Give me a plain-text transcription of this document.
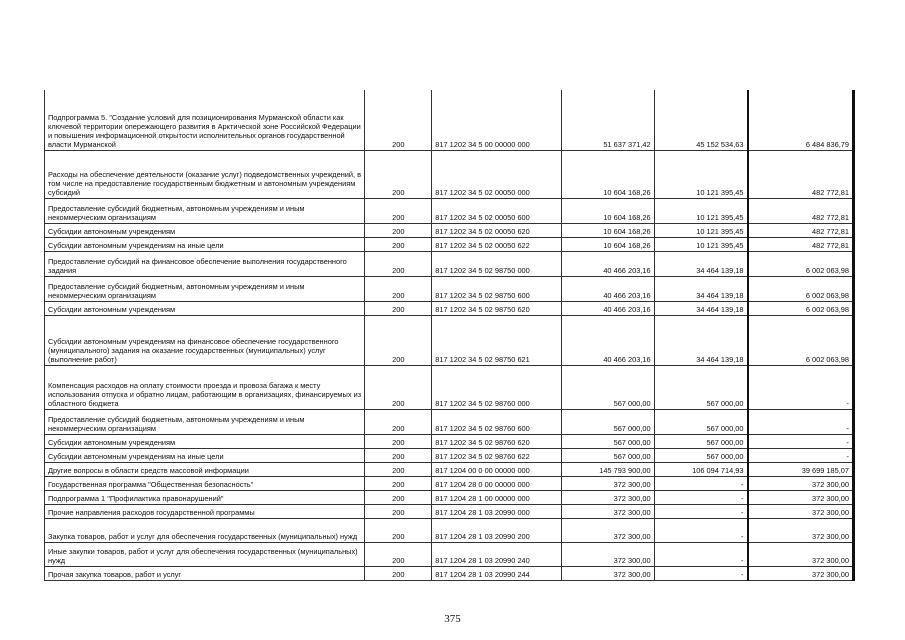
Подпрограмма 5. "Создание условий для позиционирования Мурманской области как ключевой территории опережающего развития в Арктической зоне Российской Федерации и повышения информационной открытости исполнительных органов государственной власти Мурманской	200	817 1202 34 5 00 00000 000	51 637 371,42	45 152 534,63	6 484 836,79
Расходы на обеспечение деятельности (оказание услуг) подведомственных учреждений, в том числе на предоставление государственным бюджетным и автономным учреждениям субсидий	200	817 1202 34 5 02 00050 000	10 604 168,26	10 121 395,45	482 772,81
Предоставление субсидий бюджетным, автономным учреждениям и иным некоммерческим организациям	200	817 1202 34 5 02 00050 600	10 604 168,26	10 121 395,45	482 772,81
Субсидии автономным учреждениям	200	817 1202 34 5 02 00050 620	10 604 168,26	10 121 395,45	482 772,81
Субсидии автономным учреждениям на иные цели	200	817 1202 34 5 02 00050 622	10 604 168,26	10 121 395,45	482 772,81
Предоставление субсидий на финансовое обеспечение выполнения государственного задания	200	817 1202 34 5 02 98750 000	40 466 203,16	34 464 139,18	6 002 063,98
Предоставление субсидий бюджетным, автономным учреждениям и иным некоммерческим организациям	200	817 1202 34 5 02 98750 600	40 466 203,16	34 464 139,18	6 002 063,98
Субсидии автономным учреждениям	200	817 1202 34 5 02 98750 620	40 466 203,16	34 464 139,18	6 002 063,98
Субсидии автономным учреждениям на финансовое обеспечение государственного (муниципального) задания на оказание государственных (муниципальных) услуг (выполнение работ)	200	817 1202 34 5 02 98750 621	40 466 203,16	34 464 139,18	6 002 063,98
Компенсация расходов на оплату стоимости проезда и провоза багажа к месту использования отпуска и обратно лицам, работающим в организациях, финансируемых из областного бюджета	200	817 1202 34 5 02 98760 000	567 000,00	567 000,00	-
Предоставление субсидий бюджетным, автономным учреждениям и иным некоммерческим организациям	200	817 1202 34 5 02 98760 600	567 000,00	567 000,00	-
Субсидии автономным учреждениям	200	817 1202 34 5 02 98760 620	567 000,00	567 000,00	-
Субсидии автономным учреждениям на иные цели	200	817 1202 34 5 02 98760 622	567 000,00	567 000,00	-
Другие вопросы в области средств массовой информации	200	817 1204 00 0 00 00000 000	145 793 900,00	106 094 714,93	39 699 185,07
Государственная программа "Общественная безопасность"	200	817 1204 28 0 00 00000 000	372 300,00	-	372 300,00
Подпрограмма 1 "Профилактика правонарушений"	200	817 1204 28 1 00 00000 000	372 300,00	-	372 300,00
Прочие направления расходов государственной программы	200	817 1204 28 1 03 20990 000	372 300,00	-	372 300,00
Закупка товаров, работ и услуг для обеспечения государственных (муниципальных) нужд	200	817 1204 28 1 03 20990 200	372 300,00	-	372 300,00
Иные закупки товаров, работ и услуг для обеспечения государственных (муниципальных) нужд	200	817 1204 28 1 03 20990 240	372 300,00	-	372 300,00
Прочая закупка товаров, работ и услуг	200	817 1204 28 1 03 20990 244	372 300,00	-	372 300,00
375
